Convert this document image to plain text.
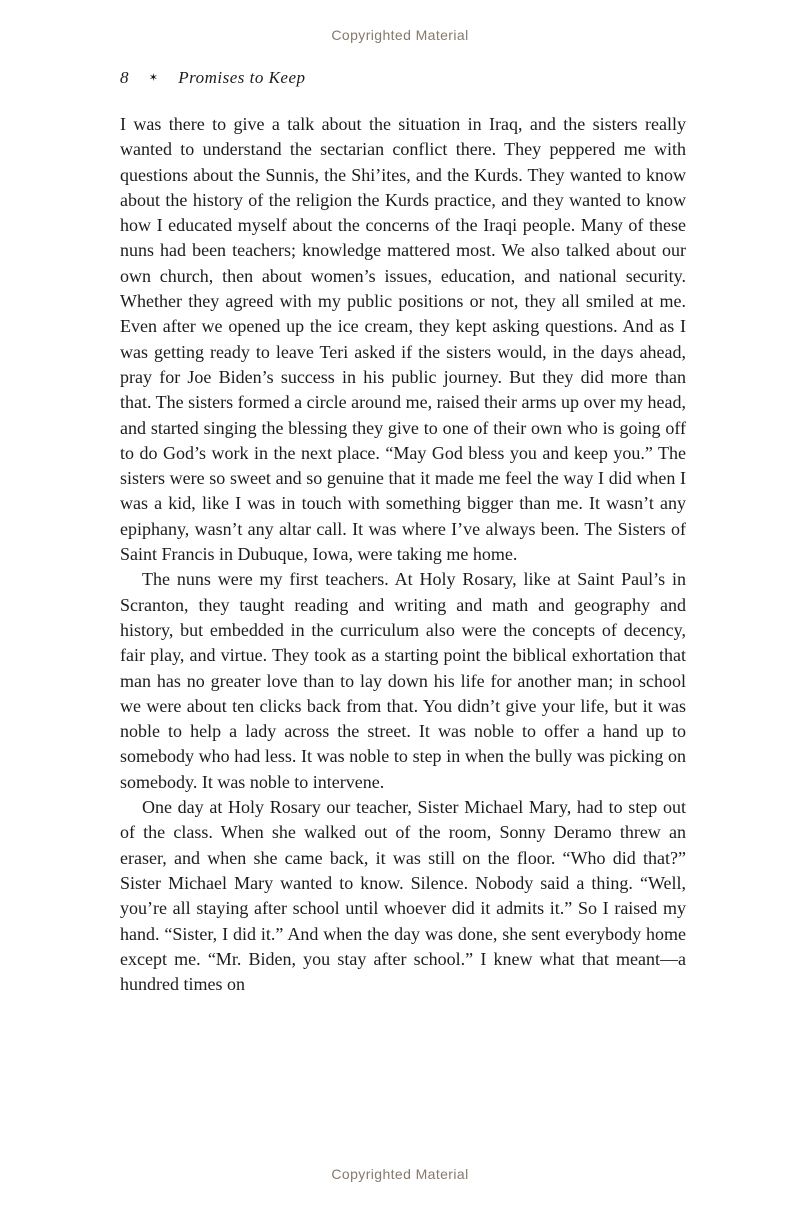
Copyrighted Material
8 ✶ Promises to Keep

I was there to give a talk about the situation in Iraq, and the sisters really wanted to understand the sectarian conflict there. They peppered me with questions about the Sunnis, the Shi’ites, and the Kurds. They wanted to know about the history of the religion the Kurds practice, and they wanted to know how I educated myself about the concerns of the Iraqi people. Many of these nuns had been teachers; knowledge mattered most. We also talked about our own church, then about women’s issues, education, and national security. Whether they agreed with my public positions or not, they all smiled at me. Even after we opened up the ice cream, they kept asking questions. And as I was getting ready to leave Teri asked if the sisters would, in the days ahead, pray for Joe Biden’s success in his public journey. But they did more than that. The sisters formed a circle around me, raised their arms up over my head, and started singing the blessing they give to one of their own who is going off to do God’s work in the next place. “May God bless you and keep you.” The sisters were so sweet and so genuine that it made me feel the way I did when I was a kid, like I was in touch with something bigger than me. It wasn’t any epiphany, wasn’t any altar call. It was where I’ve always been. The Sisters of Saint Francis in Dubuque, Iowa, were taking me home.

The nuns were my first teachers. At Holy Rosary, like at Saint Paul’s in Scranton, they taught reading and writing and math and geography and history, but embedded in the curriculum also were the concepts of decency, fair play, and virtue. They took as a starting point the biblical exhortation that man has no greater love than to lay down his life for another man; in school we were about ten clicks back from that. You didn’t give your life, but it was noble to help a lady across the street. It was noble to offer a hand up to somebody who had less. It was noble to step in when the bully was picking on somebody. It was noble to intervene.

One day at Holy Rosary our teacher, Sister Michael Mary, had to step out of the class. When she walked out of the room, Sonny Deramo threw an eraser, and when she came back, it was still on the floor. “Who did that?” Sister Michael Mary wanted to know. Silence. Nobody said a thing. “Well, you’re all staying after school until whoever did it admits it.” So I raised my hand. “Sister, I did it.” And when the day was done, she sent everybody home except me. “Mr. Biden, you stay after school.” I knew what that meant—a hundred times on

Copyrighted Material
